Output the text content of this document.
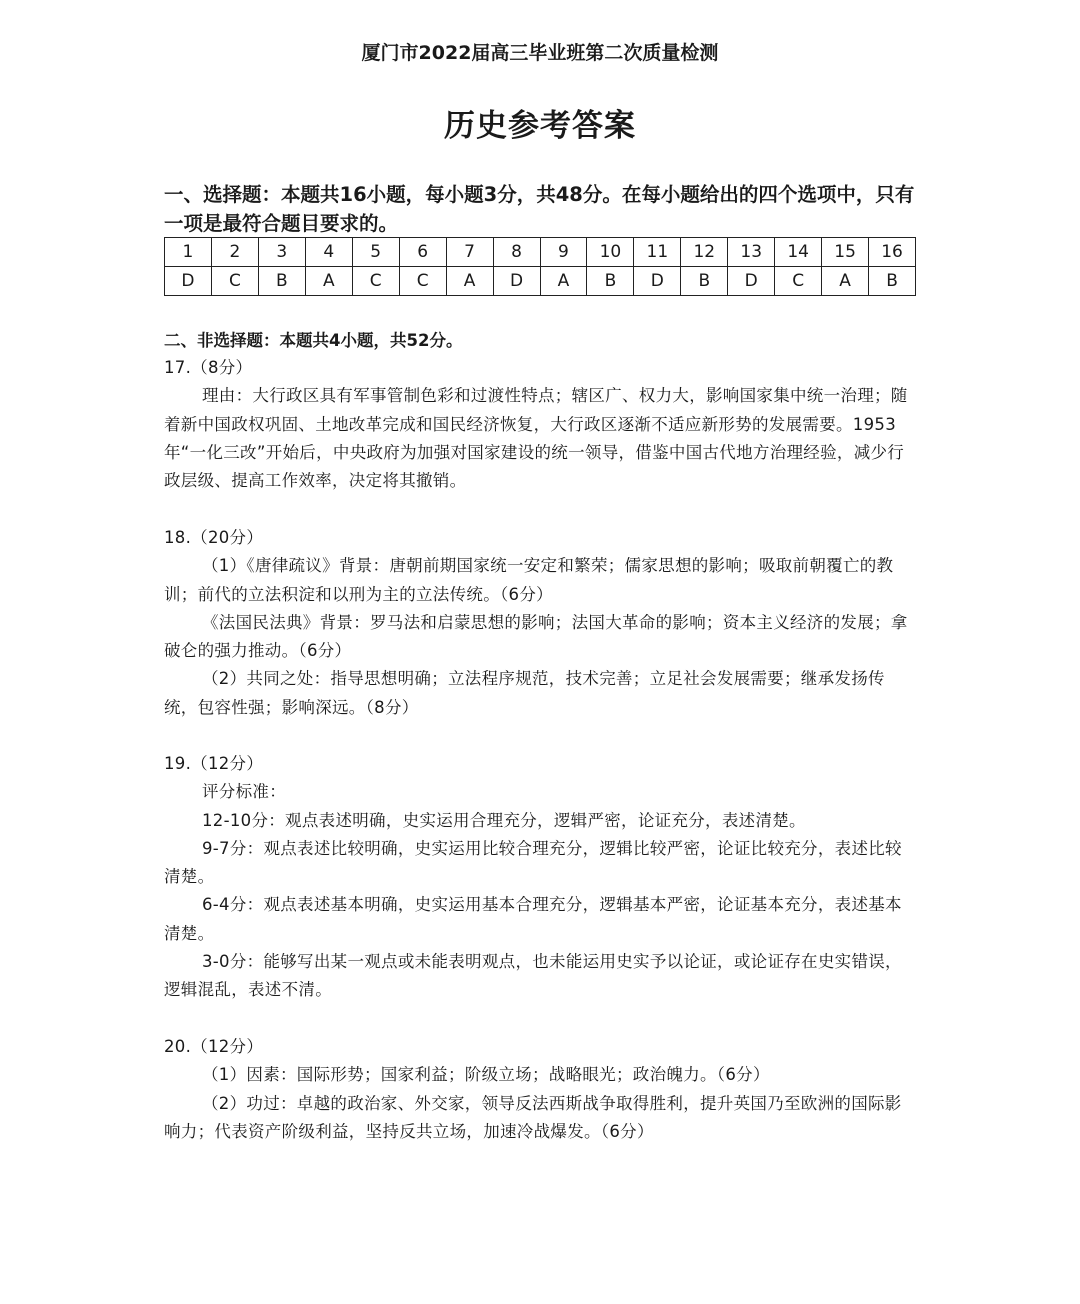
厦门市2022届高三毕业班第二次质量检测
历史参考答案
一、选择题：本题共16小题，每小题3分，共48分。在每小题给出的四个选项中，只有一项是最符合题目要求的。
1	2	3	4	5	6	7	8	9	10	11	12	13	14	15	16
D	C	B	A	C	C	A	D	A	B	D	B	D	C	A	B
二、非选择题：本题共4小题，共52分。

17.（8分）

理由：大行政区具有军事管制色彩和过渡性特点；辖区广、权力大，影响国家集中统一治理；随着新中国政权巩固、土地改革完成和国民经济恢复，大行政区逐渐不适应新形势的发展需要。1953年“一化三改”开始后，中央政府为加强对国家建设的统一领导，借鉴中国古代地方治理经验，减少行政层级、提高工作效率，决定将其撤销。

18.（20分）

（1）《唐律疏议》背景：唐朝前期国家统一安定和繁荣；儒家思想的影响；吸取前朝覆亡的教训；前代的立法积淀和以刑为主的立法传统。（6分）

《法国民法典》背景：罗马法和启蒙思想的影响；法国大革命的影响；资本主义经济的发展；拿破仑的强力推动。（6分）

（2）共同之处：指导思想明确；立法程序规范，技术完善；立足社会发展需要；继承发扬传统，包容性强；影响深远。（8分）

19.（12分）

评分标准：

12-10分：观点表述明确，史实运用合理充分，逻辑严密，论证充分，表述清楚。

9-7分：观点表述比较明确，史实运用比较合理充分，逻辑比较严密，论证比较充分，表述比较清楚。

6-4分：观点表述基本明确，史实运用基本合理充分，逻辑基本严密，论证基本充分，表述基本清楚。

3-0分：能够写出某一观点或未能表明观点，也未能运用史实予以论证，或论证存在史实错误，逻辑混乱，表述不清。

20.（12分）

（1）因素：国际形势；国家利益；阶级立场；战略眼光；政治魄力。（6分）

（2）功过：卓越的政治家、外交家，领导反法西斯战争取得胜利，提升英国乃至欧洲的国际影响力；代表资产阶级利益，坚持反共立场，加速冷战爆发。（6分）
